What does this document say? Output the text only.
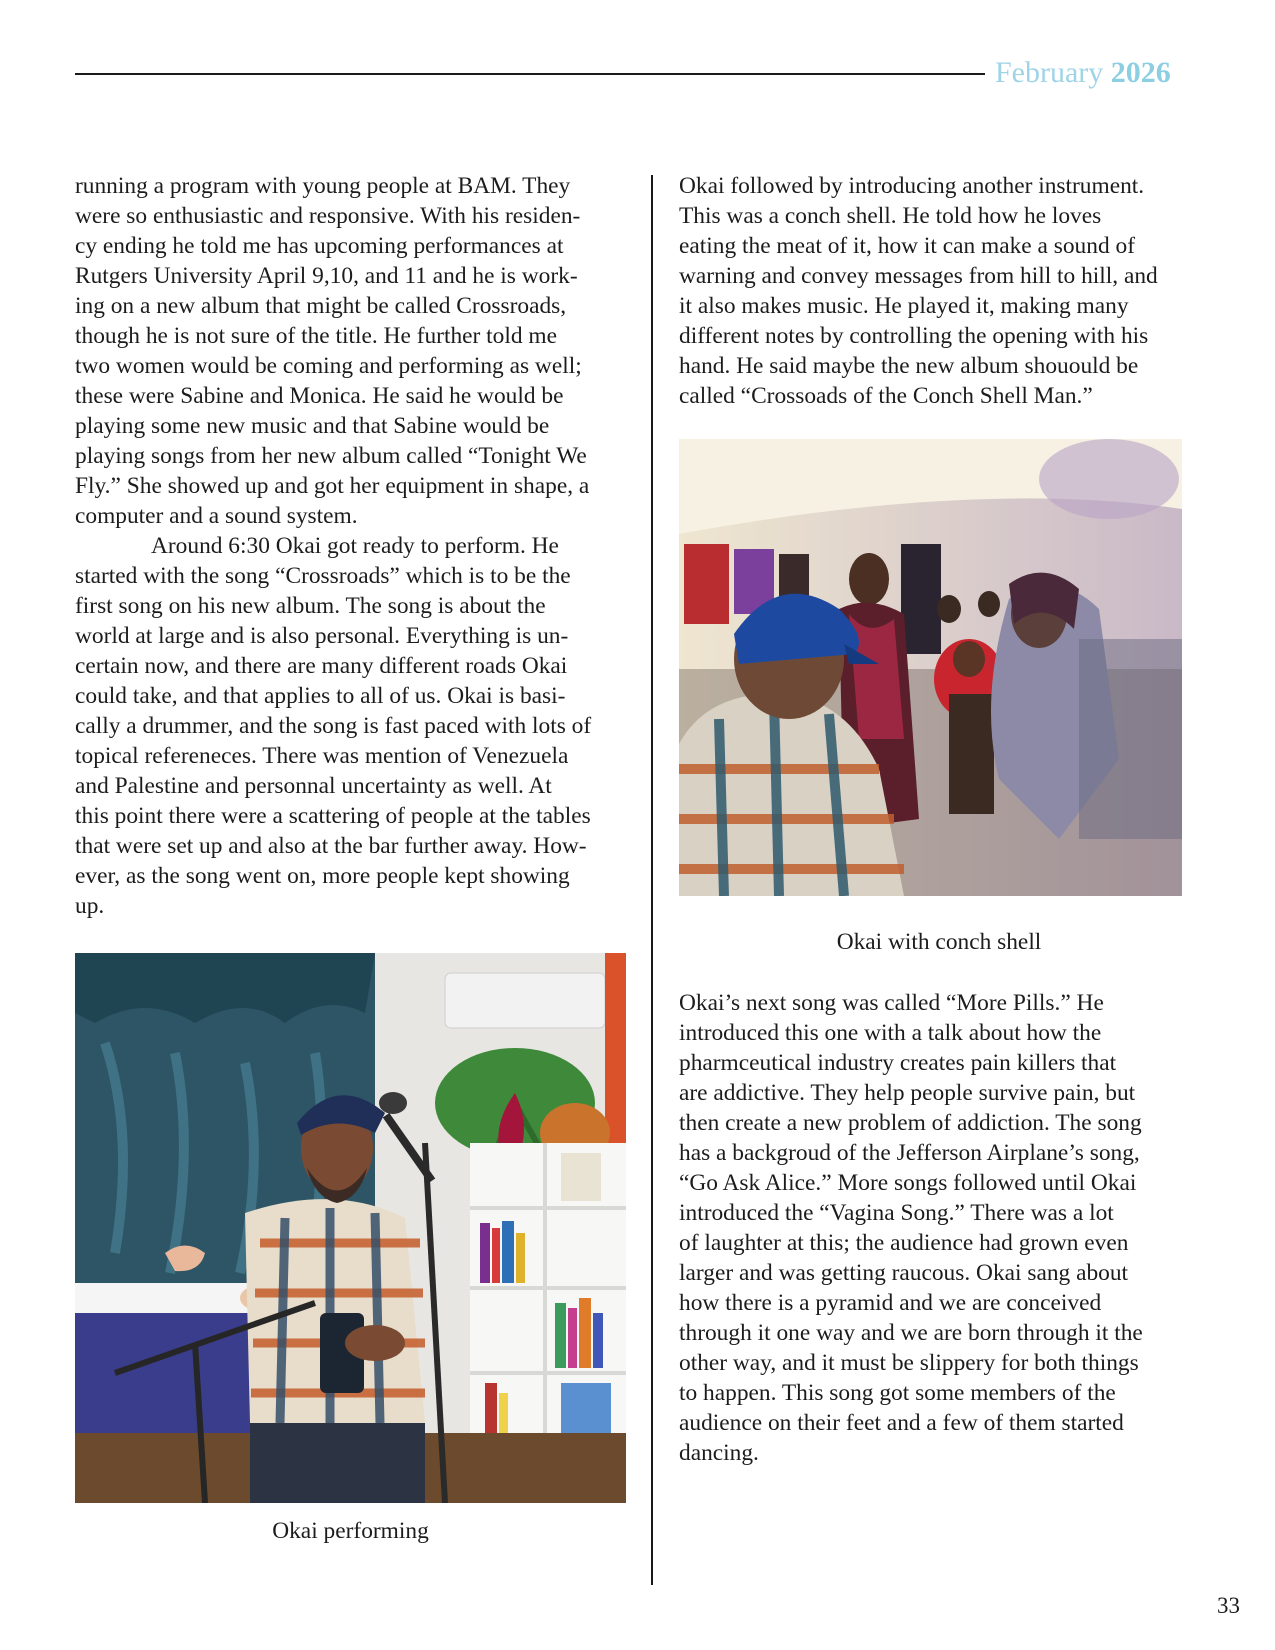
February 2026

running a program with young people at BAM. They
were so enthusiastic and responsive. With his residen-
cy ending he told me has upcoming performances at
Rutgers University April 9,10, and 11 and he is work-
ing on a new album that might be called Crossroads,
though he is not sure of the title. He further told me
two women would be coming and performing as well;
these were Sabine and Monica. He said he would be
playing some new music and that Sabine would be
playing songs from her new album called “Tonight We
Fly.” She showed up and got her equipment in shape, a
computer and a sound system.

Around 6:30 Okai got ready to perform. He
started with the song “Crossroads” which is to be the
first song on his new album. The song is about the
world at large and is also personal. Everything is un-
certain now, and there are many different roads Okai
could take, and that applies to all of us. Okai is basi-
cally a drummer, and the song is fast paced with lots of
topical refereneces. There was mention of Venezuela
and Palestine and personnal uncertainty as well. At
this point there were a scattering of people at the tables
that were set up and also at the bar further away. How-
ever, as the song went on, more people kept showing
up.

Okai performing

Okai followed by introducing another instrument.
This was a conch shell. He told how he loves
eating the meat of it, how it can make a sound of
warning and convey messages from hill to hill, and
it also makes music. He played it, making many
different notes by controlling the opening with his
hand. He said maybe the new album shouould be
called “Crossoads of the Conch Shell Man.”

Okai with conch shell

Okai’s next song was called “More Pills.” He
introduced this one with a talk about how the
pharmceutical industry creates pain killers that
are addictive. They help people survive pain, but
then create a new problem of addiction. The song
has a backgroud of the Jefferson Airplane’s song,
“Go Ask Alice.” More songs followed until Okai
introduced the “Vagina Song.” There was a lot
of laughter at this; the audience had grown even
larger and was getting raucous. Okai sang about
how there is a pyramid and we are conceived
through it one way and we are born through it the
other way, and it must be slippery for both things
to happen. This song got some members of the
audience on their feet and a few of them started
dancing.

33
